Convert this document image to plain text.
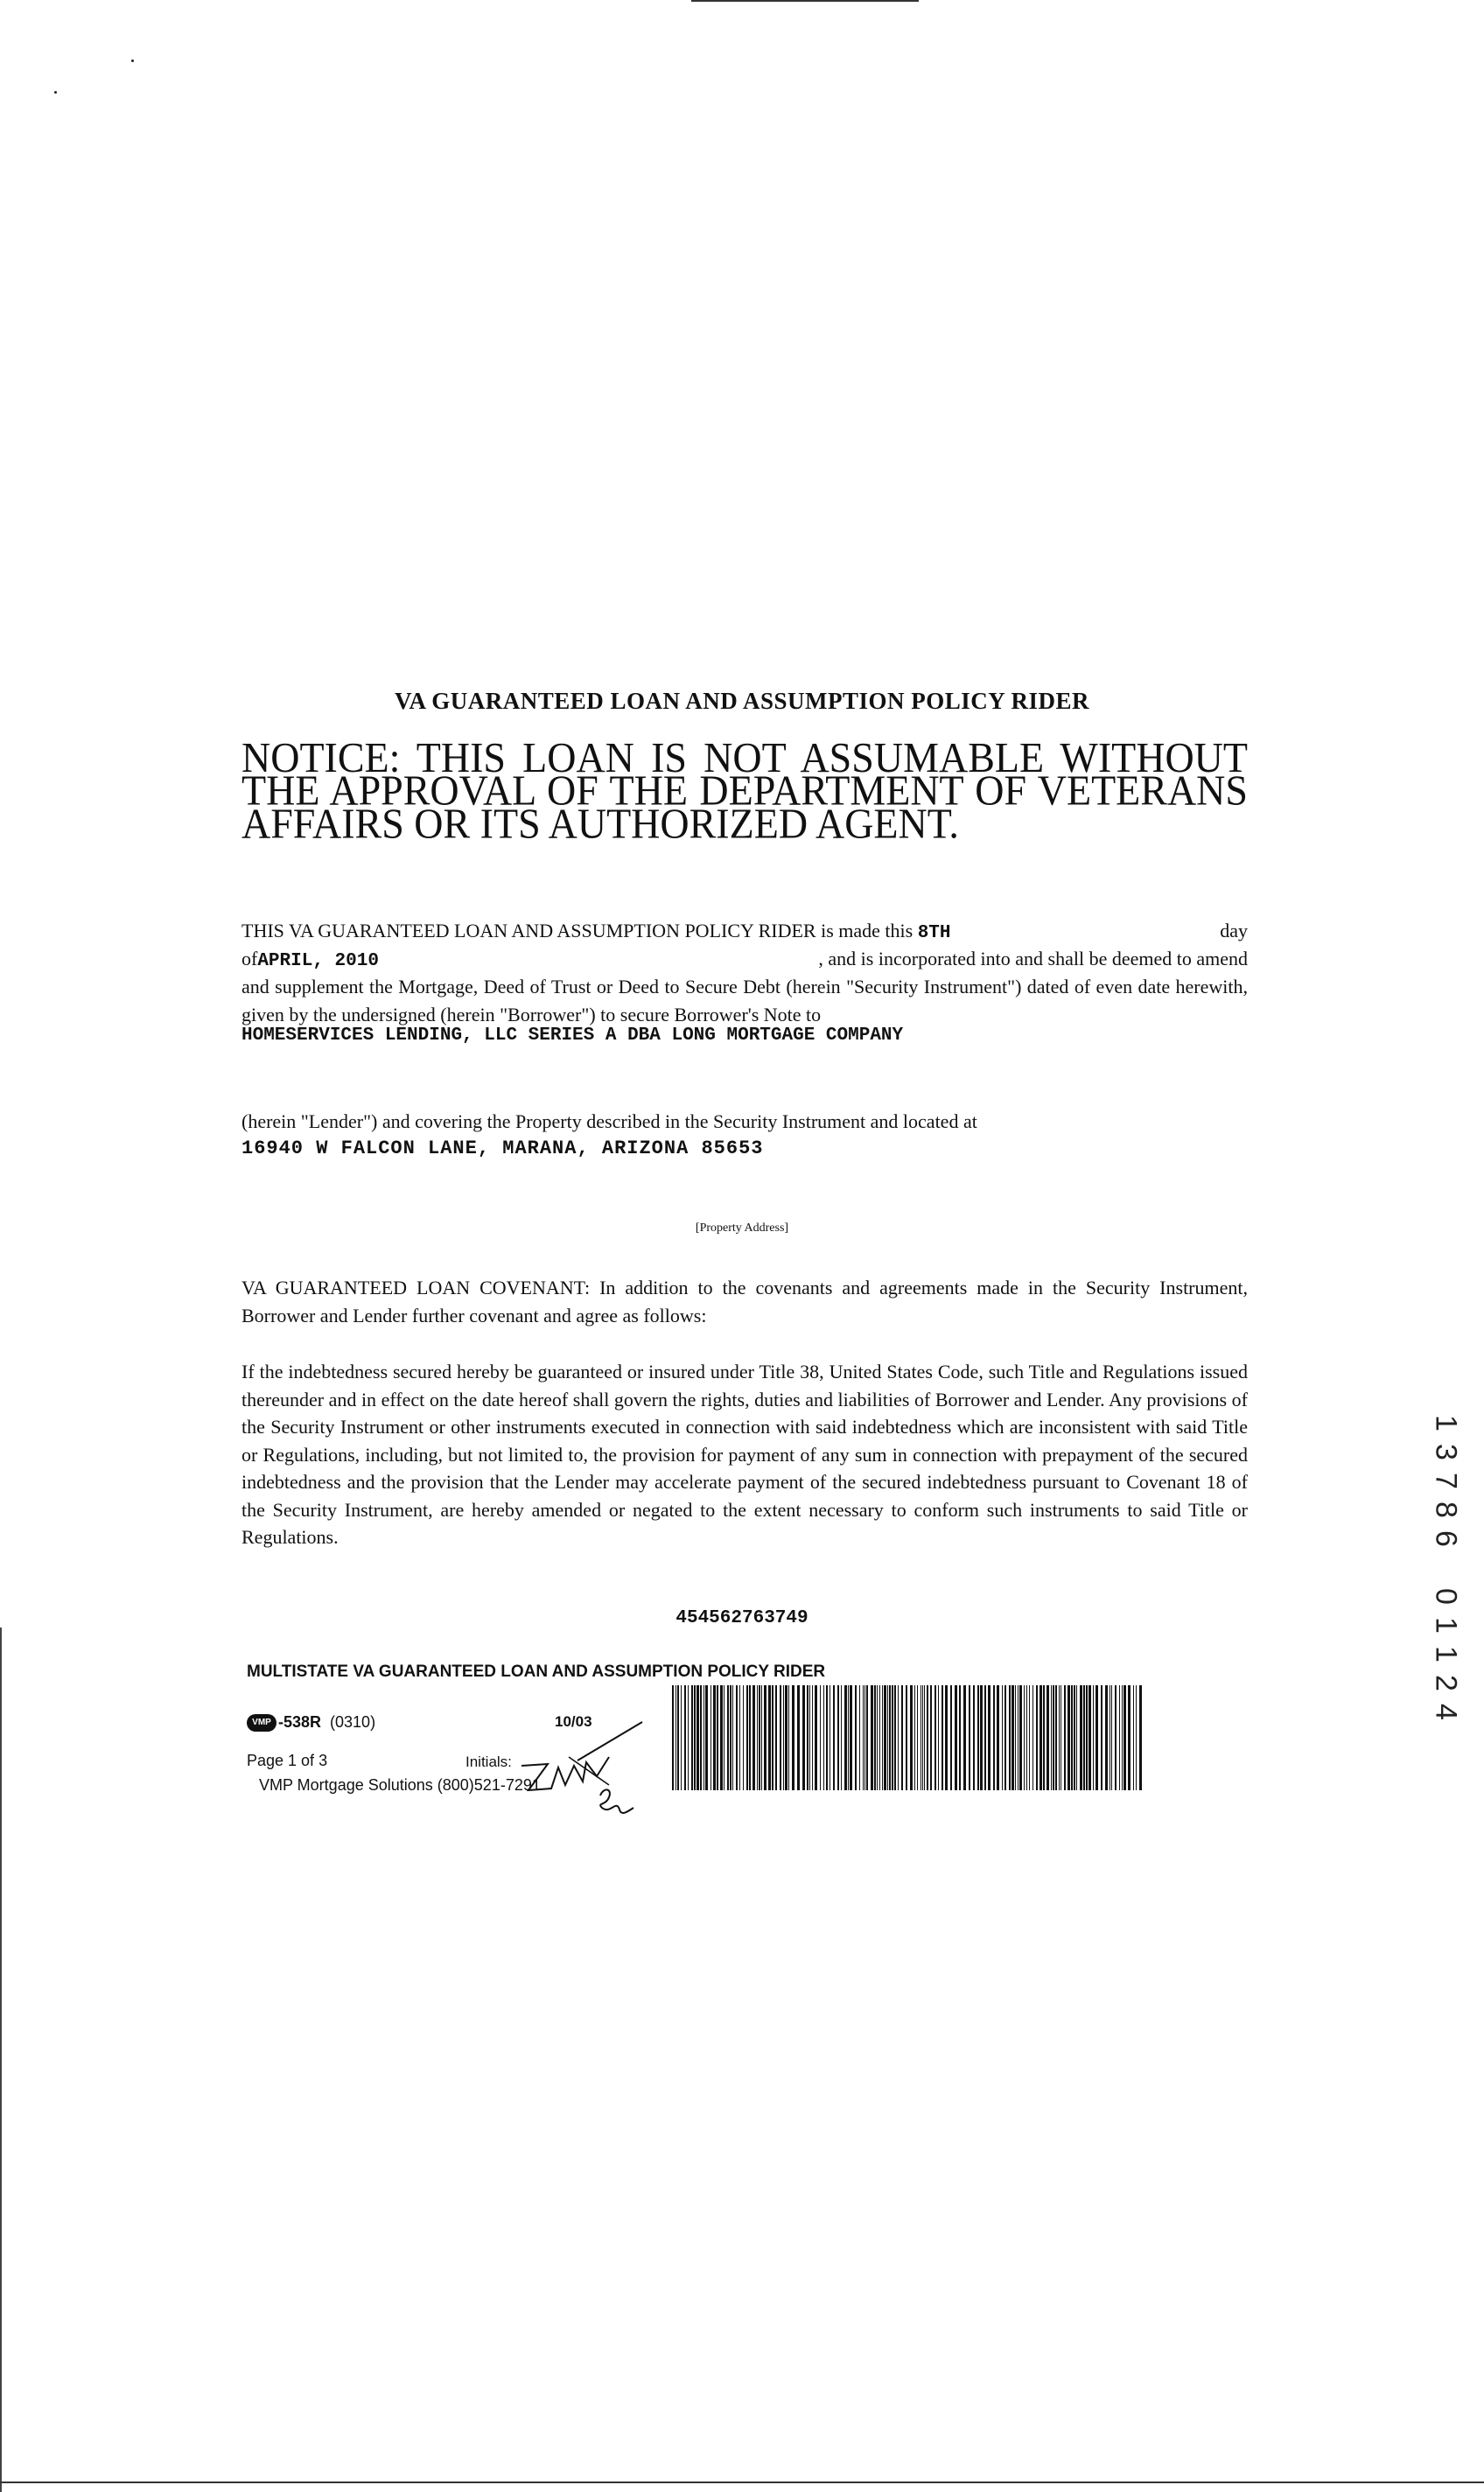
VA GUARANTEED LOAN AND ASSUMPTION POLICY RIDER
NOTICE: THIS LOAN IS NOT ASSUMABLE WITHOUT THE APPROVAL OF THE DEPARTMENT OF VETERANS AFFAIRS OR ITS AUTHORIZED AGENT.
THIS VA GUARANTEED LOAN AND ASSUMPTION POLICY RIDER is made this 8TH	day
ofAPRIL, 2010	, and is incorporated into and shall be deemed to amend
and supplement the Mortgage, Deed of Trust or Deed to Secure Debt (herein "Security Instrument") dated of even date herewith, given by the undersigned (herein "Borrower") to secure Borrower's Note to
HOMESERVICES LENDING, LLC SERIES A DBA LONG MORTGAGE COMPANY
(herein "Lender") and covering the Property described in the Security Instrument and located at
16940 W FALCON LANE, MARANA, ARIZONA 85653
[Property Address]
VA GUARANTEED LOAN COVENANT: In addition to the covenants and agreements made in the Security Instrument, Borrower and Lender further covenant and agree as follows:
If the indebtedness secured hereby be guaranteed or insured under Title 38, United States Code, such Title and Regulations issued thereunder and in effect on the date hereof shall govern the rights, duties and liabilities of Borrower and Lender. Any provisions of the Security Instrument or other instruments executed in connection with said indebtedness which are inconsistent with said Title or Regulations, including, but not limited to, the provision for payment of any sum in connection with prepayment of the secured indebtedness and the provision that the Lender may accelerate payment of the secured indebtedness pursuant to Covenant 18 of the Security Instrument, are hereby amended or negated to the extent necessary to conform such instruments to said Title or Regulations.
454562763749
MULTISTATE VA GUARANTEED LOAN AND ASSUMPTION POLICY RIDER
VMP -538R (0310)	10/03
Page 1 of 3	Initials:
VMP Mortgage Solutions (800)521-7291
1
3
7
8
6

0
1
1
2
4
